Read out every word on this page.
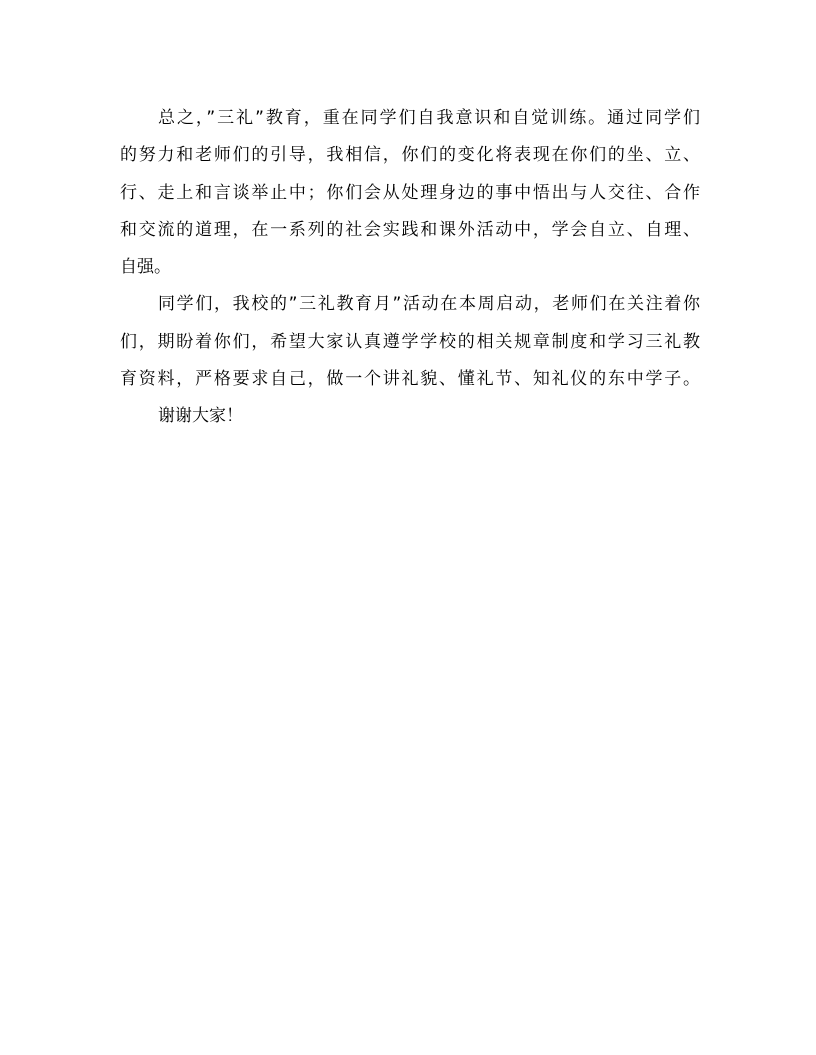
总之，”三礼”教育，重在同学们自我意识和自觉训练。通过同学们
的努力和老师们的引导，我相信，你们的变化将表现在你们的坐、立、
行、走上和言谈举止中；你们会从处理身边的事中悟出与人交往、合作
和交流的道理，在一系列的社会实践和课外活动中，学会自立、自理、
自强。
同学们，我校的”三礼教育月”活动在本周启动，老师们在关注着你
们，期盼着你们，希望大家认真遵学学校的相关规章制度和学习三礼教
育资料，严格要求自己，做一个讲礼貌、懂礼节、知礼仪的东中学子。
谢谢大家！
